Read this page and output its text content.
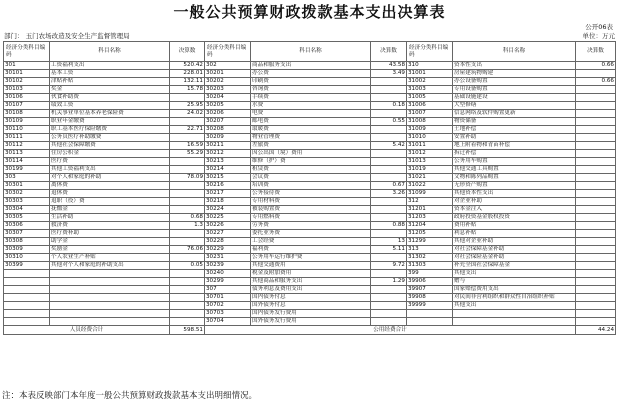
一般公共预算财政拨款基本支出决算表
公开06表
部门： 玉门农场改造及安全生产监督管理局	单位：万元
经济分类科目编码	科目名称	决算数	经济分类科目编码	科目名称	决算数	经济分类科目编码	科目名称	决算数
301	工资福利支出	520.42	302	商品和服务支出	43.58	310	资本性支出	0.66
30101	基本工资	228.01	30201	办公费	3.49	31001	房屋建筑物购建	
30102	津贴补贴	132.11	30202	印刷费		31002	办公设备购置	0.66
30103	奖金	15.78	30203	咨询费		31003	专用设备购置	
30106	伙食补助费		30204	手续费		31005	基础设施建设	
30107	绩效工资	25.95	30205	水费	0.18	31006	大型修缮	
30108	机关事业单位基本养老保险费	24.02	30206	电费		31007	信息网络及软件购置更新	
30109	职业年金缴费		30207	邮电费	0.55	31008	物资储备	
30110	职工基本医疗保险缴费	22.71	30208	取暖费		31009	土地补偿	
30111	公务员医疗补助缴费		30209	物业管理费		31010	安置补助	
30112	其他社会保障缴费	16.59	30211	差旅费	5.42	31011	地上附着物和青苗补偿	
30113	住房公积金	55.29	30212	因公出国（境）费用		31012	拆迁补偿	
30114	医疗费		30213	维修（护）费		31013	公务用车购置	
30199	其他工资福利支出		30214	租赁费		31019	其他交通工具购置	
303	对个人和家庭的补助	78.09	30215	会议费		31021	文物和陈列品购置	
30301	离休费		30216	培训费	0.67	31022	无形资产购置	
30302	退休费		30217	公务接待费	3.26	31099	其他资本性支出	
30303	退职（役）费		30218	专用材料费		312	对企业补助	
30304	抚恤金		30224	被装购置费		31201	资本金注入	
30305	生活补助	0.68	30225	专用燃料费		31203	政府投资基金股权投资	
30306	救济费	1.3	30226	劳务费	0.88	31204	费用补贴	
30307	医疗费补助		30227	委托业务费		31205	利息补贴	
30308	助学金		30228	工会经费	13	31299	其他对企业补助	
30309	奖励金	76.06	30229	福利费	5.11	313	对社会保障基金补助	
30310	个人农业生产补贴		30231	公务用车运行维护费		31302	对社会保险基金补助	
30399	其他对个人和家庭的补助支出	0.05	30239	其他交通费用	9.72	31303	补充全国社会保障基金	
			30240	税金及附加费用		399	其他支出	
			30299	其他商品和服务支出	1.29	39906	赠与	
			307	债务利息及费用支出		39907	国家赔偿费用支出	
			30701	国内债务付息		39908	对民间非营利组织和群众性自治组织补贴	
			30702	国外债务付息		39999	其他支出	
			30703	国内债务发行费用				
			30704	国外债务发行费用				
人员经费合计		598.51	公用经费合计					44.24
注：本表反映部门本年度一般公共预算财政拨款基本支出明细情况。
